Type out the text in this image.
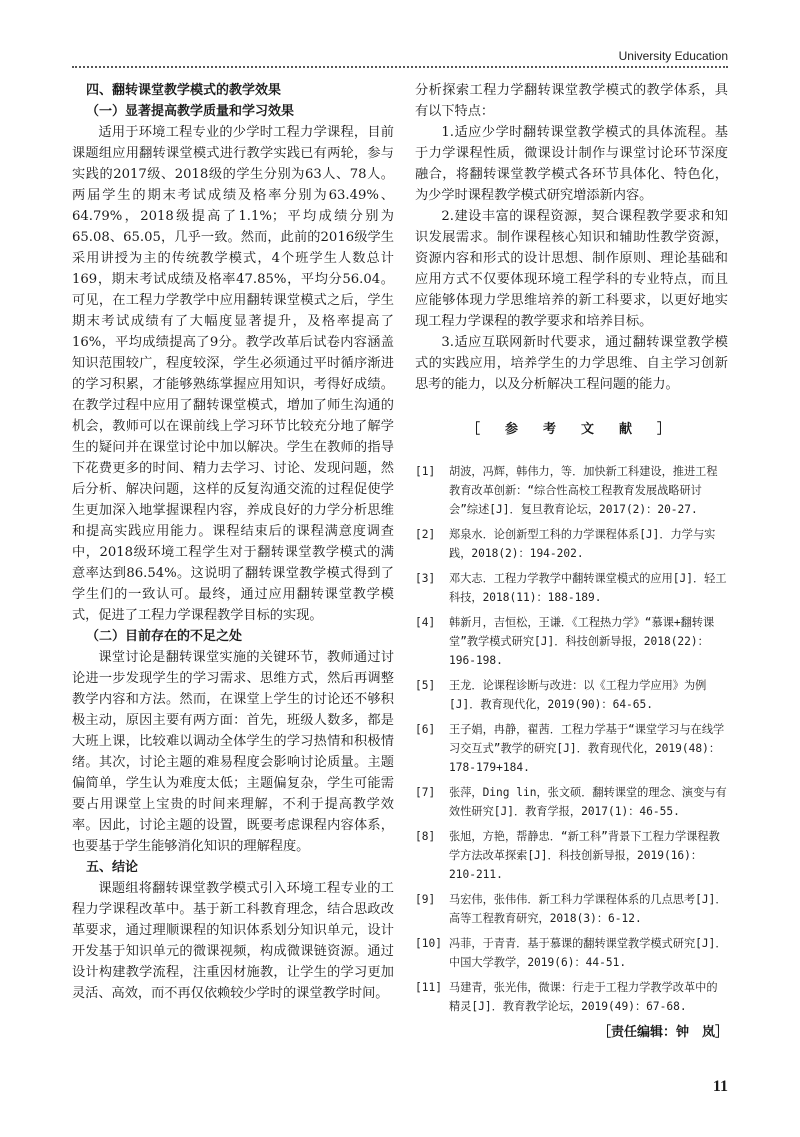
University Education
四、翻转课堂教学模式的教学效果
（一）显著提高教学质量和学习效果

适用于环境工程专业的少学时工程力学课程，目前课题组应用翻转课堂模式进行教学实践已有两轮，参与实践的2017级、2018级的学生分别为63人、78人。两届学生的期末考试成绩及格率分别为63.49%、64.79%，2018级提高了1.1%；平均成绩分别为65.08、65.05，几乎一致。然而，此前的2016级学生采用讲授为主的传统教学模式，4个班学生人数总计169，期末考试成绩及格率47.85%，平均分56.04。可见，在工程力学教学中应用翻转课堂模式之后，学生期末考试成绩有了大幅度显著提升，及格率提高了16%，平均成绩提高了9分。教学改革后试卷内容涵盖知识范围较广，程度较深，学生必须通过平时循序渐进的学习积累，才能够熟练掌握应用知识，考得好成绩。在教学过程中应用了翻转课堂模式，增加了师生沟通的机会，教师可以在课前线上学习环节比较充分地了解学生的疑问并在课堂讨论中加以解决。学生在教师的指导下花费更多的时间、精力去学习、讨论、发现问题，然后分析、解决问题，这样的反复沟通交流的过程促使学生更加深入地掌握课程内容，养成良好的力学分析思维和提高实践应用能力。课程结束后的课程满意度调查中，2018级环境工程学生对于翻转课堂教学模式的满意率达到86.54%。这说明了翻转课堂教学模式得到了学生们的一致认可。最终，通过应用翻转课堂教学模式，促进了工程力学课程教学目标的实现。

（二）目前存在的不足之处

课堂讨论是翻转课堂实施的关键环节，教师通过讨论进一步发现学生的学习需求、思维方式，然后再调整教学内容和方法。然而，在课堂上学生的讨论还不够积极主动，原因主要有两方面：首先，班级人数多，都是大班上课，比较难以调动全体学生的学习热情和积极情绪。其次，讨论主题的难易程度会影响讨论质量。主题偏简单，学生认为难度太低；主题偏复杂，学生可能需要占用课堂上宝贵的时间来理解，不利于提高教学效率。因此，讨论主题的设置，既要考虑课程内容体系，也要基于学生能够消化知识的理解程度。

五、结论

课题组将翻转课堂教学模式引入环境工程专业的工程力学课程改革中。基于新工科教育理念，结合思政改革要求，通过理顺课程的知识体系划分知识单元，设计开发基于知识单元的微课视频，构成微课链资源。通过设计构建教学流程，注重因材施教，让学生的学习更加灵活、高效，而不再仅依赖较少学时的课堂教学时间。

分析探索工程力学翻转课堂教学模式的教学体系，具有以下特点：

1.适应少学时翻转课堂教学模式的具体流程。基于力学课程性质，微课设计制作与课堂讨论环节深度融合，将翻转课堂教学模式各环节具体化、特色化，为少学时课程教学模式研究增添新内容。

2.建设丰富的课程资源，契合课程教学要求和知识发展需求。制作课程核心知识和辅助性教学资源，资源内容和形式的设计思想、制作原则、理论基础和应用方式不仅要体现环境工程学科的专业特点，而且应能够体现力学思维培养的新工科要求，以更好地实现工程力学课程的教学要求和培养目标。

3.适应互联网新时代要求，通过翻转课堂教学模式的实践应用，培养学生的力学思维、自主学习创新思考的能力，以及分析解决工程问题的能力。

［　参　考　文　献　］
[1]	胡波，冯辉，韩伟力，等．加快新工科建设，推进工程教育改革创新：“综合性高校工程教育发展战略研讨会”综述[J]．复旦教育论坛，2017(2)：20-27.
[2]	郑泉水．论创新型工科的力学课程体系[J]．力学与实践，2018(2)：194-202.
[3]	邓大志．工程力学教学中翻转课堂模式的应用[J]．轻工科技，2018(11)：188-189.
[4]	韩新月，吉恒松，王谦．《工程热力学》“慕课+翻转课堂”教学模式研究[J]．科技创新导报，2018(22)：196-198.
[5]	王龙．论课程诊断与改进：以《工程力学应用》为例[J]．教育现代化，2019(90)：64-65.
[6]	王子娟，冉静，翟茜．工程力学基于“课堂学习与在线学习交互式”教学的研究[J]．教育现代化，2019(48)：178-179+184.
[7]	张萍，Ding lin，张文硕．翻转课堂的理念、演变与有效性研究[J]．教育学报，2017(1)：46-55.
[8]	张旭，方艳，帮静忠．“新工科”背景下工程力学课程教学方法改革探索[J]．科技创新导报，2019(16)：210-211.
[9]	马宏伟，张伟伟．新工科力学课程体系的几点思考[J]．高等工程教育研究，2018(3)：6-12.
[10] 冯菲，于青青．基于慕课的翻转课堂教学模式研究[J]．中国大学教学，2019(6)：44-51.
[11] 马建青，张光伟，微课：行走于工程力学教学改革中的精灵[J]．教育教学论坛，2019(49)：67-68.
［责任编辑：钟　岚］
11
